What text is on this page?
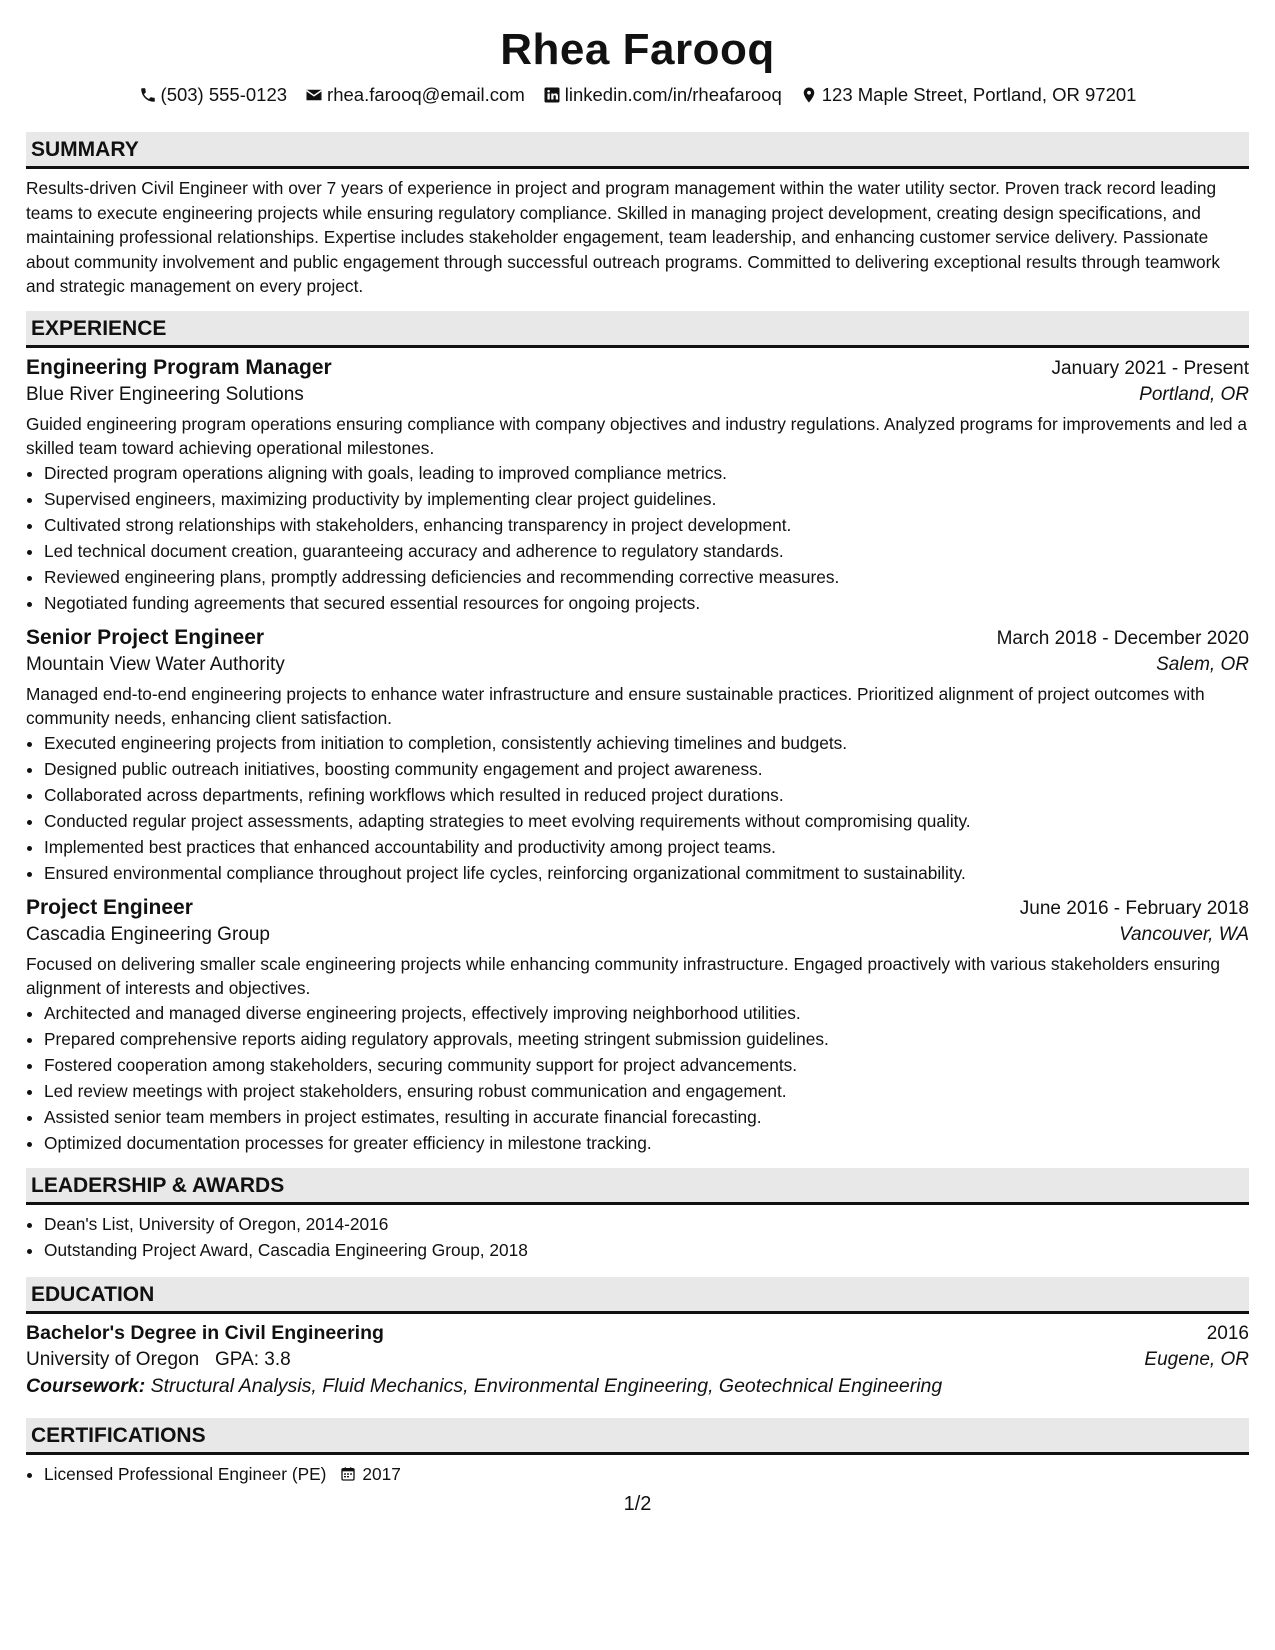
Rhea Farooq
(503) 555-0123 rhea.farooq@email.com linkedin.com/in/rheafarooq 123 Maple Street, Portland, OR 97201
SUMMARY
Results-driven Civil Engineer with over 7 years of experience in project and program management within the water utility sector. Proven track record leading teams to execute engineering projects while ensuring regulatory compliance. Skilled in managing project development, creating design specifications, and maintaining professional relationships. Expertise includes stakeholder engagement, team leadership, and enhancing customer service delivery. Passionate about community involvement and public engagement through successful outreach programs. Committed to delivering exceptional results through teamwork and strategic management on every project.
EXPERIENCE
Engineering Program Manager	January 2021 - Present
Blue River Engineering Solutions	Portland, OR
Guided engineering program operations ensuring compliance with company objectives and industry regulations. Analyzed programs for improvements and led a skilled team toward achieving operational milestones.
• Directed program operations aligning with goals, leading to improved compliance metrics.
• Supervised engineers, maximizing productivity by implementing clear project guidelines.
• Cultivated strong relationships with stakeholders, enhancing transparency in project development.
• Led technical document creation, guaranteeing accuracy and adherence to regulatory standards.
• Reviewed engineering plans, promptly addressing deficiencies and recommending corrective measures.
• Negotiated funding agreements that secured essential resources for ongoing projects.
Senior Project Engineer	March 2018 - December 2020
Mountain View Water Authority	Salem, OR
Managed end-to-end engineering projects to enhance water infrastructure and ensure sustainable practices. Prioritized alignment of project outcomes with community needs, enhancing client satisfaction.
• Executed engineering projects from initiation to completion, consistently achieving timelines and budgets.
• Designed public outreach initiatives, boosting community engagement and project awareness.
• Collaborated across departments, refining workflows which resulted in reduced project durations.
• Conducted regular project assessments, adapting strategies to meet evolving requirements without compromising quality.
• Implemented best practices that enhanced accountability and productivity among project teams.
• Ensured environmental compliance throughout project life cycles, reinforcing organizational commitment to sustainability.
Project Engineer	June 2016 - February 2018
Cascadia Engineering Group	Vancouver, WA
Focused on delivering smaller scale engineering projects while enhancing community infrastructure. Engaged proactively with various stakeholders ensuring alignment of interests and objectives.
• Architected and managed diverse engineering projects, effectively improving neighborhood utilities.
• Prepared comprehensive reports aiding regulatory approvals, meeting stringent submission guidelines.
• Fostered cooperation among stakeholders, securing community support for project advancements.
• Led review meetings with project stakeholders, ensuring robust communication and engagement.
• Assisted senior team members in project estimates, resulting in accurate financial forecasting.
• Optimized documentation processes for greater efficiency in milestone tracking.
LEADERSHIP & AWARDS
• Dean's List, University of Oregon, 2014-2016
• Outstanding Project Award, Cascadia Engineering Group, 2018
EDUCATION
Bachelor's Degree in Civil Engineering	2016
University of Oregon GPA: 3.8	Eugene, OR
Coursework: Structural Analysis, Fluid Mechanics, Environmental Engineering, Geotechnical Engineering
CERTIFICATIONS
• Licensed Professional Engineer (PE) 2017
1/2
